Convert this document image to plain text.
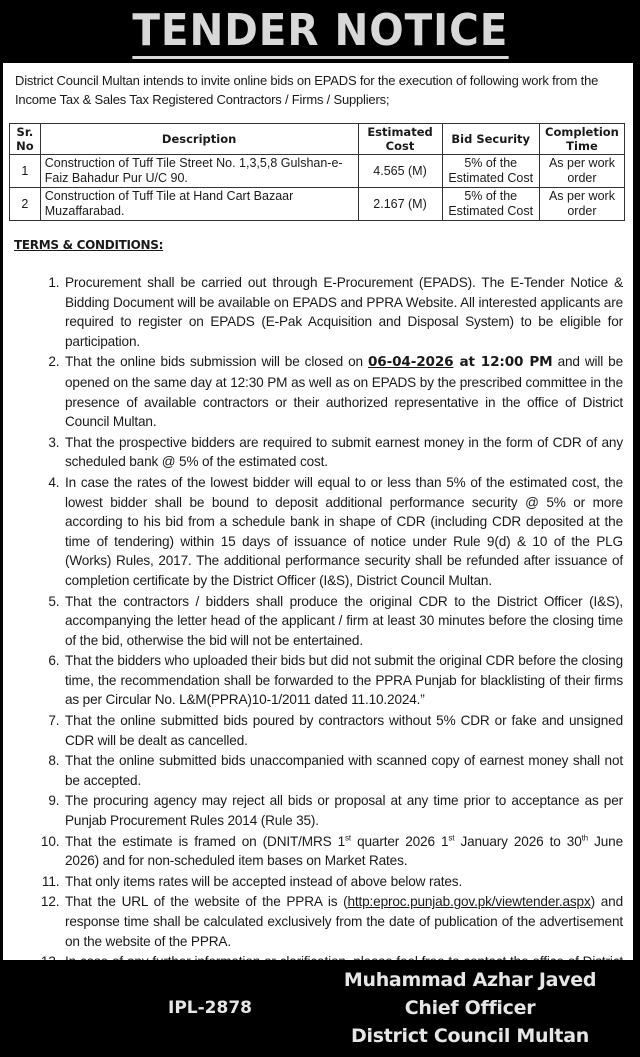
TENDER NOTICE
District Council Multan intends to invite online bids on EPADS for the execution of following work from the Income Tax & Sales Tax Registered Contractors / Firms / Suppliers;
Sr. No	Description	Estimated Cost	Bid Security	Completion Time
1	Construction of Tuff Tile Street No. 1,3,5,8 Gulshan-e-Faiz Bahadur Pur U/C 90.	4.565 (M)	5% of the Estimated Cost	As per work order
2	Construction of Tuff Tile at Hand Cart Bazaar Muzaffarabad.	2.167 (M)	5% of the Estimated Cost	As per work order
TERMS & CONDITIONS:
1. Procurement shall be carried out through E-Procurement (EPADS). The E-Tender Notice & Bidding Document will be available on EPADS and PPRA Website. All interested applicants are required to register on EPADS (E-Pak Acquisition and Disposal System) to be eligible for participation.
2. That the online bids submission will be closed on 06-04-2026 at 12:00 PM and will be opened on the same day at 12:30 PM as well as on EPADS by the prescribed committee in the presence of available contractors or their authorized representative in the office of District Council Multan.
3. That the prospective bidders are required to submit earnest money in the form of CDR of any scheduled bank @ 5% of the estimated cost.
4. In case the rates of the lowest bidder will equal to or less than 5% of the estimated cost, the lowest bidder shall be bound to deposit additional performance security @ 5% or more according to his bid from a schedule bank in shape of CDR (including CDR deposited at the time of tendering) within 15 days of issuance of notice under Rule 9(d) & 10 of the PLG (Works) Rules, 2017. The additional performance security shall be refunded after issuance of completion certificate by the District Officer (I&S), District Council Multan.
5. That the contractors / bidders shall produce the original CDR to the District Officer (I&S), accompanying the letter head of the applicant / firm at least 30 minutes before the closing time of the bid, otherwise the bid will not be entertained.
6. That the bidders who uploaded their bids but did not submit the original CDR before the closing time, the recommendation shall be forwarded to the PPRA Punjab for blacklisting of their firms as per Circular No. L&M(PPRA)10-1/2011 dated 11.10.2024.”
7. That the online submitted bids poured by contractors without 5% CDR or fake and unsigned CDR will be dealt as cancelled.
8. That the online submitted bids unaccompanied with scanned copy of earnest money shall not be accepted.
9. The procuring agency may reject all bids or proposal at any time prior to acceptance as per Punjab Procurement Rules 2014 (Rule 35).
10. That the estimate is framed on (DNIT/MRS 1st quarter 2026 1st January 2026 to 30th June 2026) and for non-scheduled item bases on Market Rates.
11. That only items rates will be accepted instead of above below rates.
12. That the URL of the website of the PPRA is (http:eproc.punjab.gov.pk/viewtender.aspx) and response time shall be calculated exclusively from the date of publication of the advertisement on the website of the PPRA.
13.
IPL-2878
Muhammad Azhar Javed
Chief Officer
District Council Multan
